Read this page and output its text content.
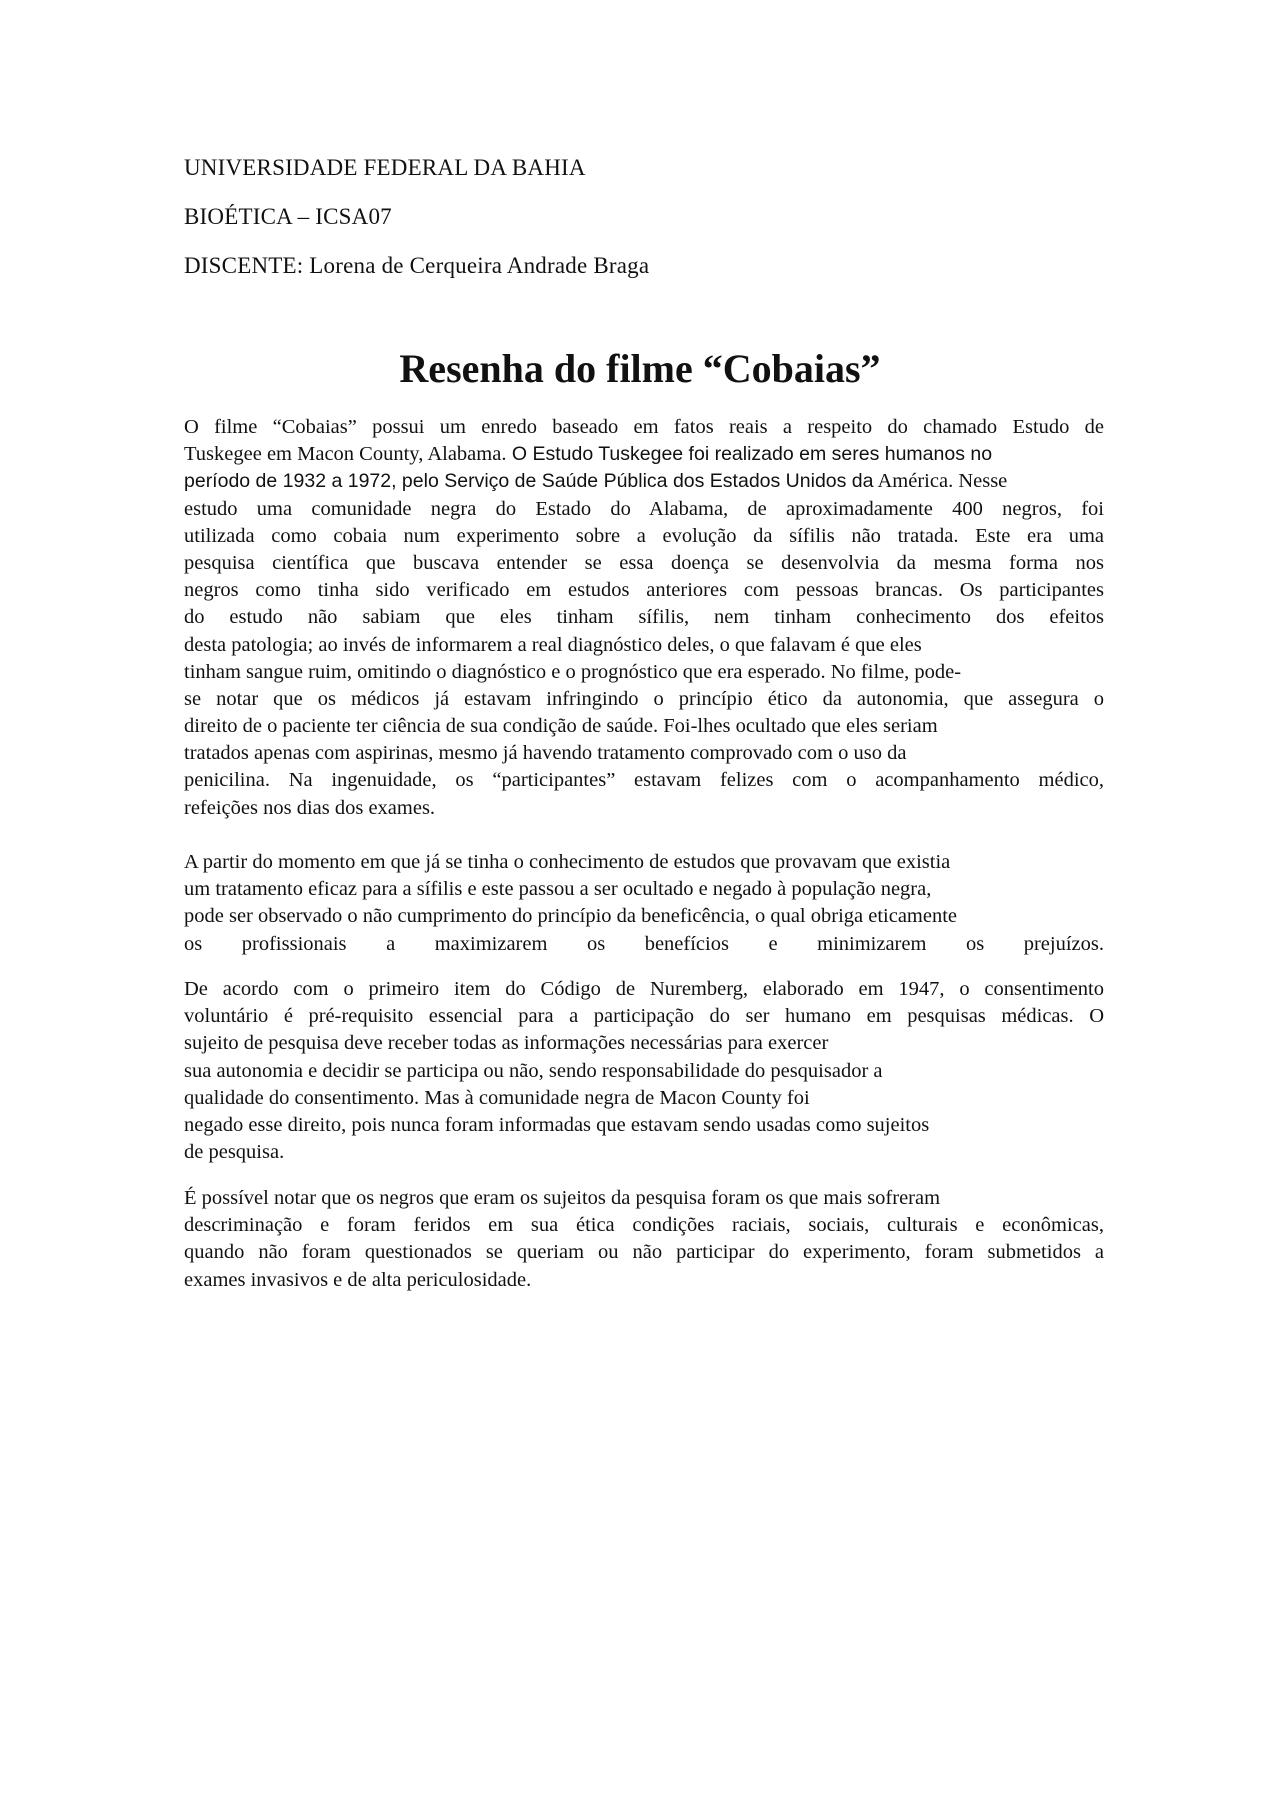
UNIVERSIDADE FEDERAL DA BAHIA
BIOÉTICA – ICSA07
DISCENTE: Lorena de Cerqueira Andrade Braga
Resenha do filme “Cobaias”
O filme “Cobaias” possui um enredo baseado em fatos reais a respeito do chamado Estudo de
Tuskegee em Macon County, Alabama. O Estudo Tuskegee foi realizado em seres humanos no
período de 1932 a 1972, pelo Serviço de Saúde Pública dos Estados Unidos da América. Nesse
estudo uma comunidade negra do Estado do Alabama, de aproximadamente 400 negros, foi
utilizada como cobaia num experimento sobre a evolução da sífilis não tratada. Este era uma
pesquisa científica que buscava entender se essa doença se desenvolvia da mesma forma nos
negros como tinha sido verificado em estudos anteriores com pessoas brancas. Os participantes
do estudo não sabiam que eles tinham sífilis, nem tinham conhecimento dos efeitos
desta patologia; ao invés de informarem a real diagnóstico deles, o que falavam é que eles
tinham sangue ruim, omitindo o diagnóstico e o prognóstico que era esperado. No filme, pode-
se notar que os médicos já estavam infringindo o princípio ético da autonomia, que assegura o
direito de o paciente ter ciência de sua condição de saúde. Foi-lhes ocultado que eles seriam
tratados apenas com aspirinas, mesmo já havendo tratamento comprovado com o uso da
penicilina. Na ingenuidade, os “participantes” estavam felizes com o acompanhamento médico,
refeições nos dias dos exames.
A partir do momento em que já se tinha o conhecimento de estudos que provavam que existia
um tratamento eficaz para a sífilis e este passou a ser ocultado e negado à população negra,
pode ser observado o não cumprimento do princípio da beneficência, o qual obriga eticamente
os profissionais a maximizarem os benefícios e minimizarem os prejuízos.
De acordo com o primeiro item do Código de Nuremberg, elaborado em 1947, o consentimento
voluntário é pré-requisito essencial para a participação do ser humano em pesquisas médicas. O
sujeito de pesquisa deve receber todas as informações necessárias para exercer
sua autonomia e decidir se participa ou não, sendo responsabilidade do pesquisador a
qualidade do consentimento. Mas à comunidade negra de Macon County foi
negado esse direito, pois nunca foram informadas que estavam sendo usadas como sujeitos
de pesquisa.
É possível notar que os negros que eram os sujeitos da pesquisa foram os que mais sofreram
descriminação e foram feridos em sua ética condições raciais, sociais, culturais e econômicas,
quando não foram questionados se queriam ou não participar do experimento, foram submetidos a
exames invasivos e de alta periculosidade.
